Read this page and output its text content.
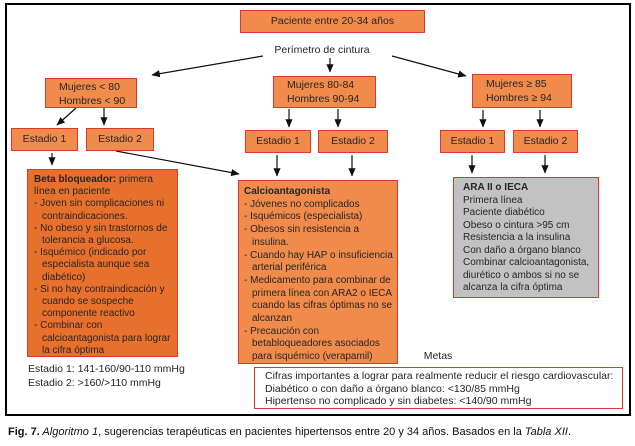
Paciente entre 20-34 años
Perímetro de cintura
Mujeres < 80
Hombres < 90
Mujeres 80-84
Hombres 90-94
Mujeres ≥ 85
Hombres ≥ 94
Estadio 1	Estadio 2	Estadio 1	Estadio 2	Estadio 1	Estadio 2
Beta bloqueador: primera línea en paciente
- Joven sin complicaciones ni contraindicaciones.
- No obeso y sin trastornos de tolerancia a glucosa.
- Isquémico (indicado por especialista aunque sea diabético)
- Si no hay contraindicación y cuando se sospeche componente reactivo
- Combinar con calcioantagonista para lograr la cifra óptima
Calcioantagonista
- Jóvenes no complicados
- Isquémicos (especialista)
- Obesos sin resistencia a insulina.
- Cuando hay HAP o insuficiencia arterial periférica
- Medicamento para combinar de primera línea con ARA2 o IECA cuando las cifras óptimas no se alcanzan
- Precaución con betabloqueadores asociados para isquémico (verapamil)
ARA II o IECA
Primera línea
Paciente diabético
Obeso o cintura >95 cm
Resistencia a la insulina
Con daño a órgano blanco
Combinar calcioantagonista, diurético o ambos si no se alcanza la cifra óptima
Estadio 1: 141-160/90-110 mmHg
Estadio 2: >160/>110 mmHg
Metas
Cifras importantes a lograr para realmente reducir el riesgo cardiovascular:
Diabético o con daño a órgano blanco: <130/85 mmHg
Hipertenso no complicado y sin diabetes: <140/90 mmHg
Fig. 7. Algoritmo 1, sugerencias terapéuticas en pacientes hipertensos entre 20 y 34 años. Basados en la Tabla XII.
